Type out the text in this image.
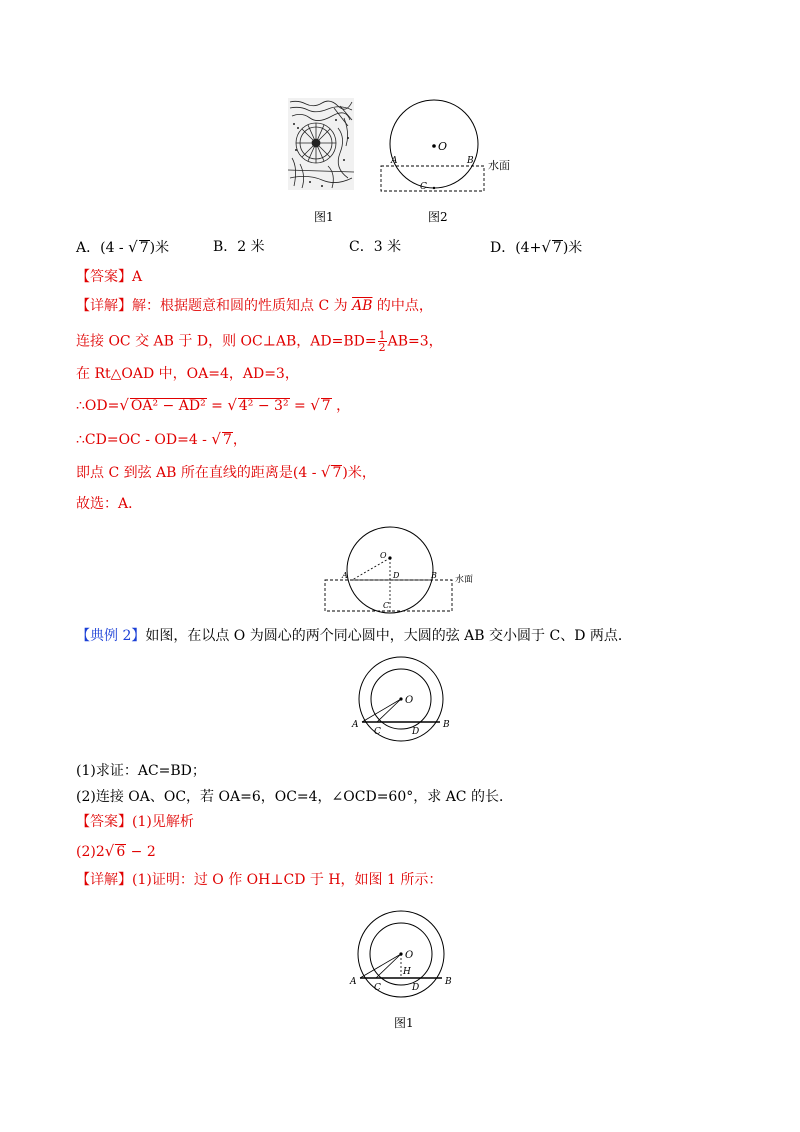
O
A	B
C
水面
图1	图2
A．(4 - √ 7)米	B．2 米	C．3 米	D．(4+√ 7)米
【答案】A
【详解】解：根据题意和圆的性质知点 C 为 $\overline{AB}$ 的中点，
连接 OC 交 AB 于 D，则 OC⊥AB，$AD=BD= \frac{1}{2} AB=3$，
在 Rt△OAD 中，OA=4，AD=3，
∴OD=√ OA² − AD² = √ 4² − 3² = √ 7 ，
∴CD=OC - OD=4 - √ 7，
即点 C 到弦 AB 所在直线的距离是(4 - √ 7)米，
故选：A．
O
A	B
D
C
水面
【典例 2】如图，在以点 O 为圆心的两个同心圆中，大圆的弦 AB 交小圆于 C、D 两点．
O
A	B
C	D
(1)求证：AC=BD；
(2)连接 OA、OC，若 OA=6，OC=4，∠OCD=60°，求 AC 的长．
【答案】(1)见解析
(2)2√ 6 − 2
【详解】(1)证明：过 O 作 OH⊥CD 于 H，如图 1 所示：
O
H
A	B
C	D
图1
